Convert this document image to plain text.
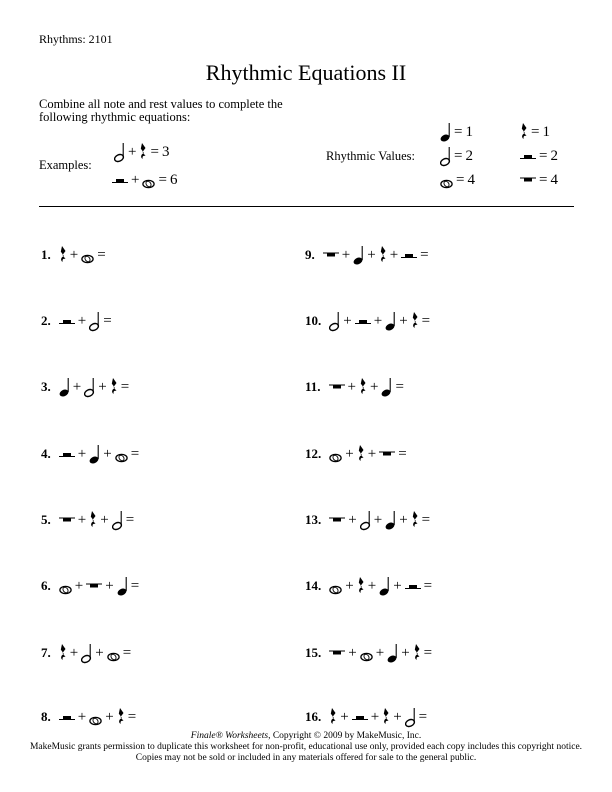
Rhythms: 2101
Rhythmic Equations II
Combine all note and rest values to complete the following rhythmic equations:
Examples:
+ = 3
+ = 6
Rhythmic Values:
= 1	= 1
= 2	= 2
= 4	= 4
1. + =
2. + =
3. + + =
4. + + =
5. + + =
6. + + =
7. + + =
8. + + =
9. + + + =
10. + + + =
11. + + =
12. + + =
13. + + + =
14. + + + =
15. + + + =
16. + + + =
Finale® Worksheets, Copyright © 2009 by MakeMusic, Inc.
MakeMusic grants permission to duplicate this worksheet for non-profit, educational use only, provided each copy includes this copyright notice.
Copies may not be sold or included in any materials offered for sale to the general public.
